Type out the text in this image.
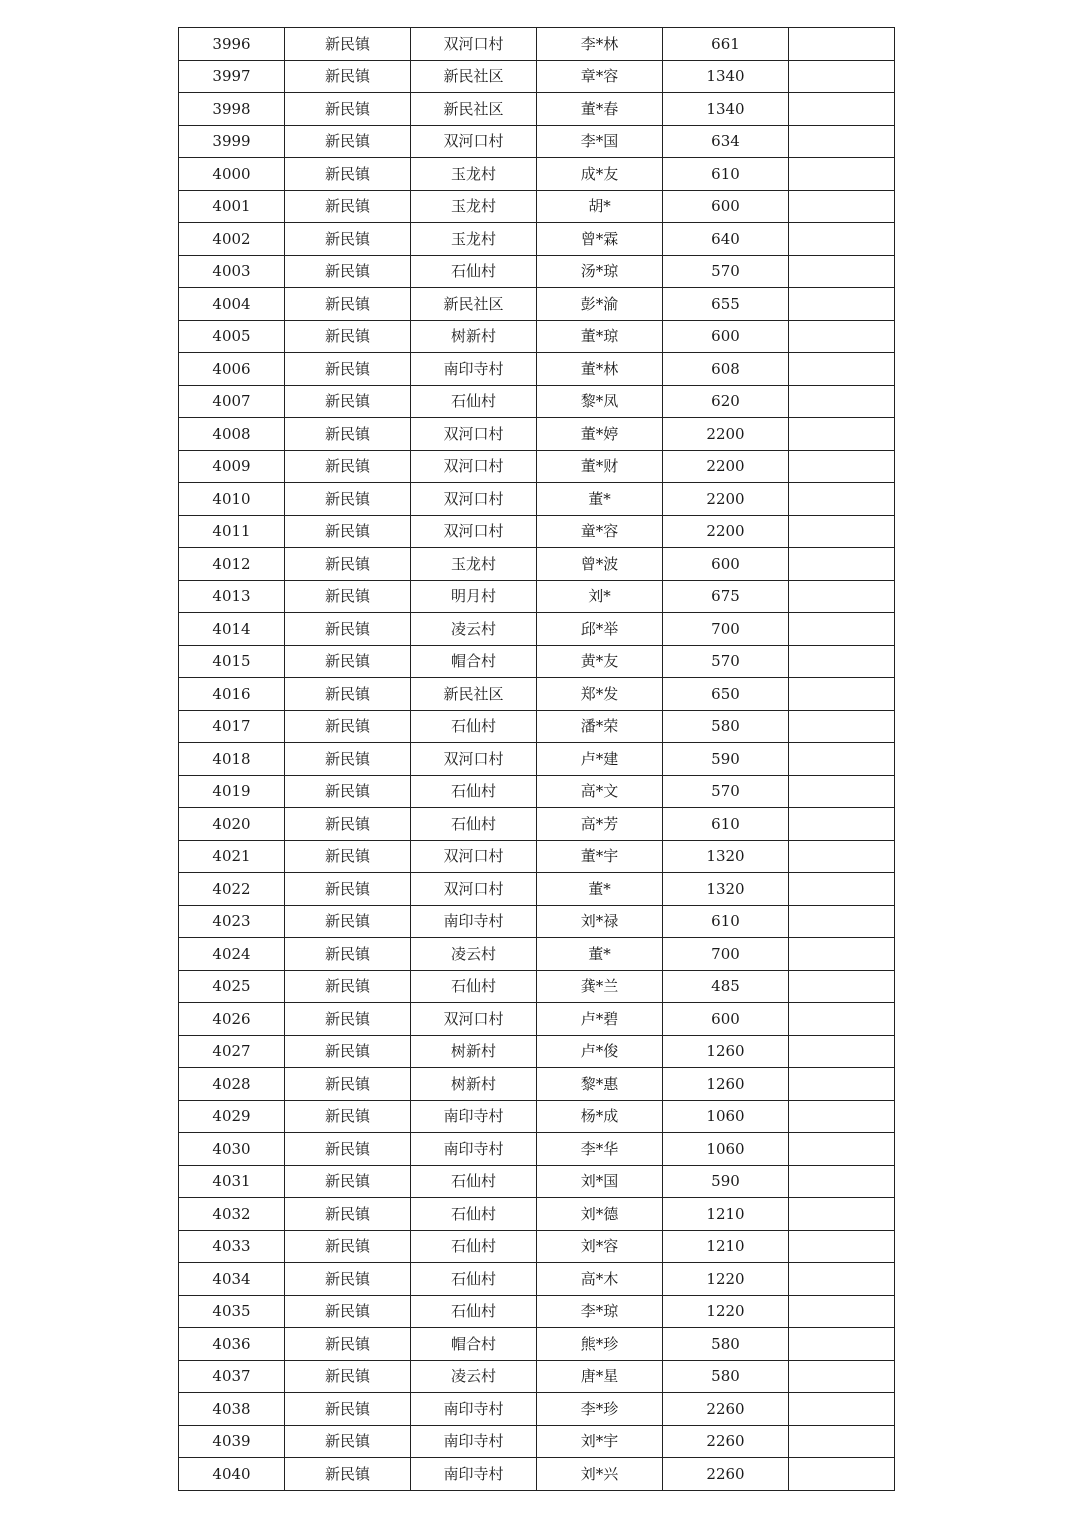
3996	新民镇	双河口村	李*林	661	
3997	新民镇	新民社区	章*容	1340	
3998	新民镇	新民社区	董*春	1340	
3999	新民镇	双河口村	李*国	634	
4000	新民镇	玉龙村	成*友	610	
4001	新民镇	玉龙村	胡*	600	
4002	新民镇	玉龙村	曾*霖	640	
4003	新民镇	石仙村	汤*琼	570	
4004	新民镇	新民社区	彭*渝	655	
4005	新民镇	树新村	董*琼	600	
4006	新民镇	南印寺村	董*林	608	
4007	新民镇	石仙村	黎*凤	620	
4008	新民镇	双河口村	董*婷	2200	
4009	新民镇	双河口村	董*财	2200	
4010	新民镇	双河口村	董*	2200	
4011	新民镇	双河口村	童*容	2200	
4012	新民镇	玉龙村	曾*波	600	
4013	新民镇	明月村	刘*	675	
4014	新民镇	凌云村	邱*举	700	
4015	新民镇	帽合村	黄*友	570	
4016	新民镇	新民社区	郑*发	650	
4017	新民镇	石仙村	潘*荣	580	
4018	新民镇	双河口村	卢*建	590	
4019	新民镇	石仙村	高*文	570	
4020	新民镇	石仙村	高*芳	610	
4021	新民镇	双河口村	董*宇	1320	
4022	新民镇	双河口村	董*	1320	
4023	新民镇	南印寺村	刘*禄	610	
4024	新民镇	凌云村	董*	700	
4025	新民镇	石仙村	龚*兰	485	
4026	新民镇	双河口村	卢*碧	600	
4027	新民镇	树新村	卢*俊	1260	
4028	新民镇	树新村	黎*惠	1260	
4029	新民镇	南印寺村	杨*成	1060	
4030	新民镇	南印寺村	李*华	1060	
4031	新民镇	石仙村	刘*国	590	
4032	新民镇	石仙村	刘*德	1210	
4033	新民镇	石仙村	刘*容	1210	
4034	新民镇	石仙村	高*木	1220	
4035	新民镇	石仙村	李*琼	1220	
4036	新民镇	帽合村	熊*珍	580	
4037	新民镇	凌云村	唐*星	580	
4038	新民镇	南印寺村	李*珍	2260	
4039	新民镇	南印寺村	刘*宇	2260	
4040	新民镇	南印寺村	刘*兴	2260	
